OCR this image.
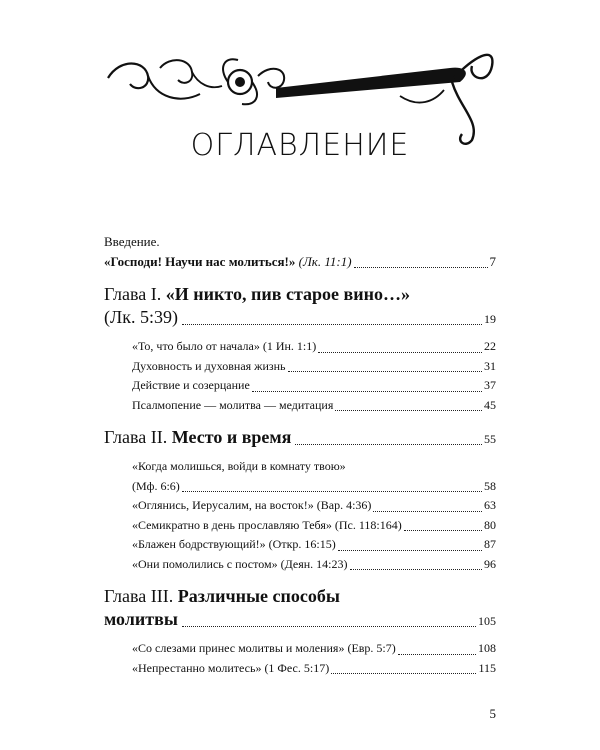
ОГЛАВЛЕНИЕ
Введение.
«Господи! Научи нас молиться!»
(Лк. 11:1)	7
Глава I.
«И никто, пив старое вино…»
(Лк. 5:39)	19
«То, что было от начала» (1 Ин. 1:1)	22
Духовность и духовная жизнь	31
Действие и созерцание	37
Псалмопение — молитва — медитация	45
Глава II.
Место и время	55
«Когда молишься, войди в комнату твою»
(Мф. 6:6)	58
«Оглянись, Иерусалим, на восток!» (Вар. 4:36)	63
«Семикратно в день прославляю Тебя» (Пс. 118:164)	80
«Блажен бодрствующий!» (Откр. 16:15)	87
«Они помолились с постом» (Деян. 14:23)	96
Глава III.
Различные способы
молитвы	105
«Со слезами принес молитвы и моления» (Евр. 5:7)	108
«Непрестанно молитесь» (1 Фес. 5:17)	115
5
